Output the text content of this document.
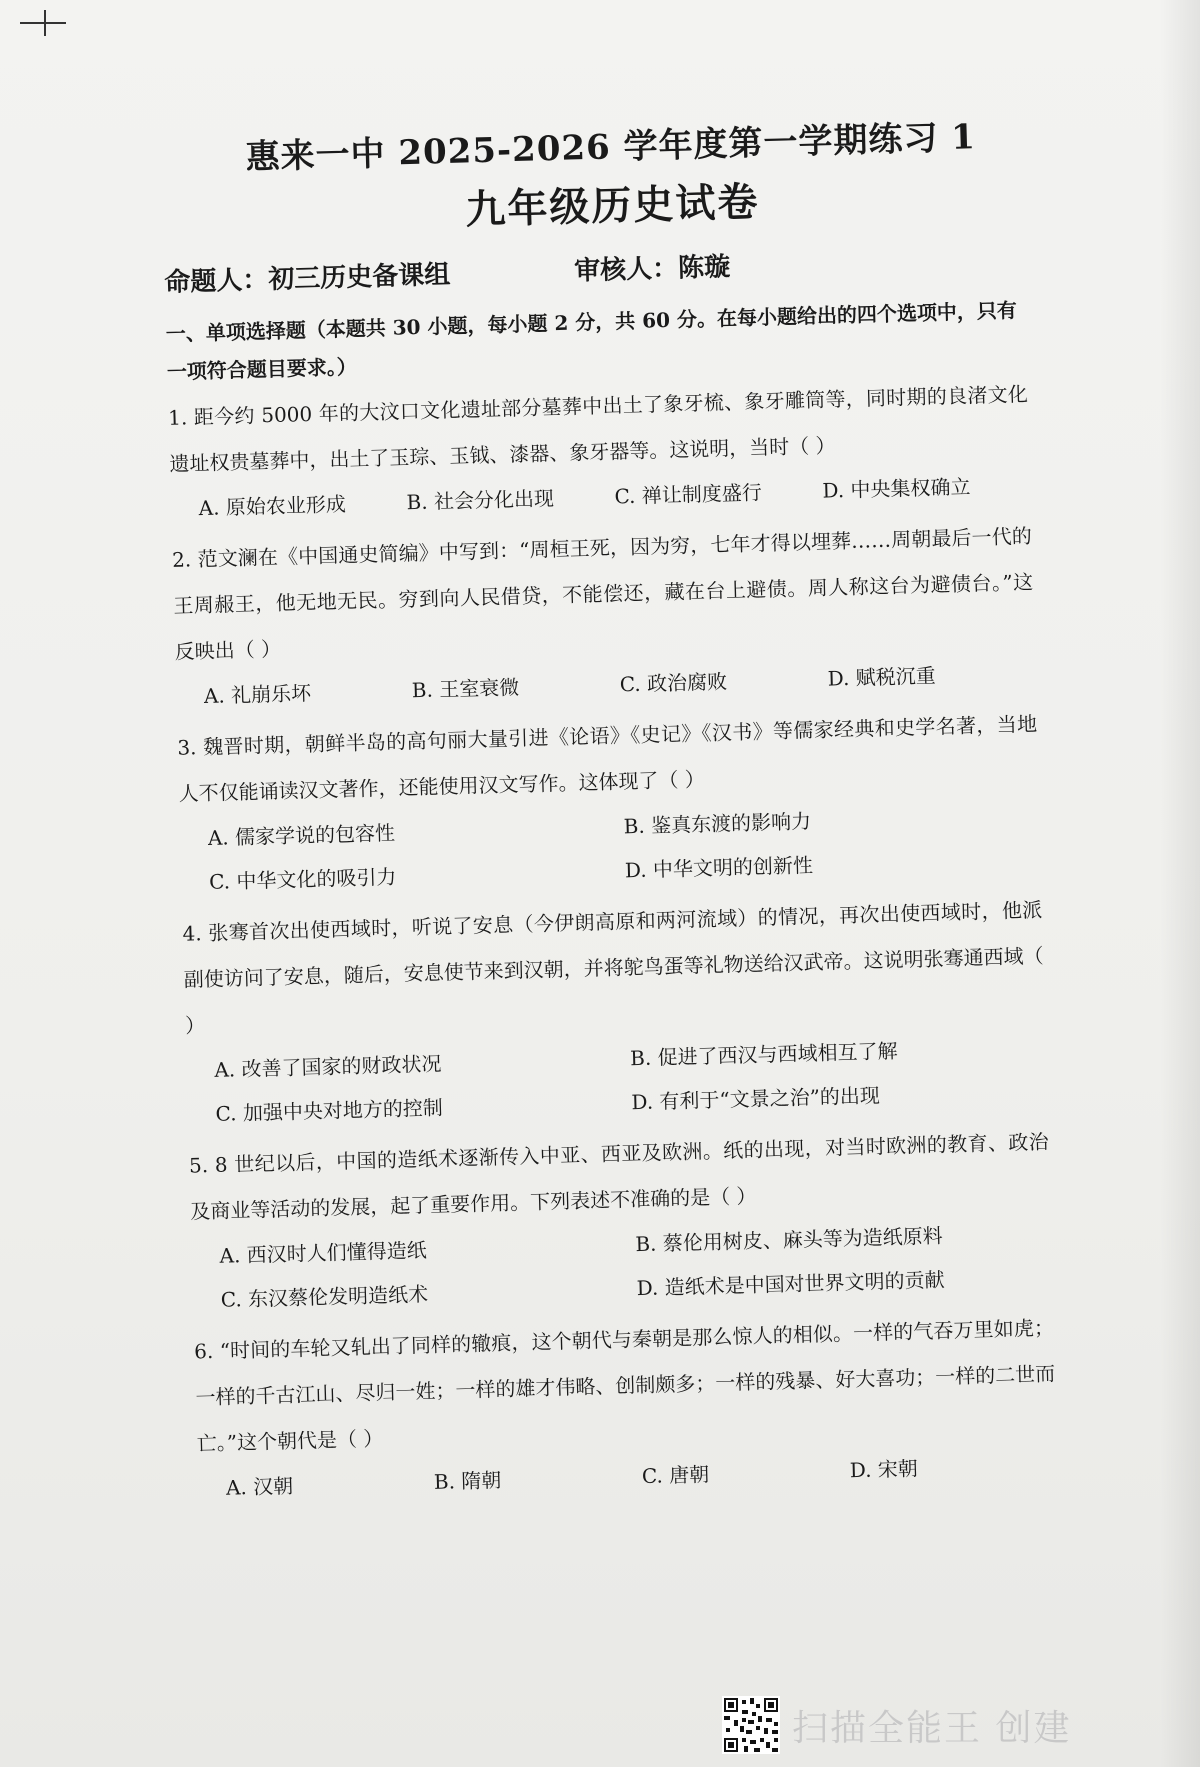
惠来一中 2025-2026 学年度第一学期练习 1
九年级历史试卷
命题人：初三历史备课组	审核人：陈璇
一、单项选择题（本题共 30 小题，每小题 2 分，共 60 分。在每小题给出的四个选项中，只有一项符合题目要求。）
1. 距今约 5000 年的大汶口文化遗址部分墓葬中出土了象牙梳、象牙雕筒等，同时期的良渚文化遗址权贵墓葬中，出土了玉琮、玉钺、漆器、象牙器等。这说明，当时（ ）
A. 原始农业形成	B. 社会分化出现	C. 禅让制度盛行	D. 中央集权确立
2. 范文澜在《中国通史简编》中写到：“周桓王死，因为穷，七年才得以埋葬……周朝最后一代的王周赧王，他无地无民。穷到向人民借贷，不能偿还，藏在台上避债。周人称这台为避债台。”这反映出（ ）
A. 礼崩乐坏	B. 王室衰微	C. 政治腐败	D. 赋税沉重
3. 魏晋时期，朝鲜半岛的高句丽大量引进《论语》《史记》《汉书》等儒家经典和史学名著，当地人不仅能诵读汉文著作，还能使用汉文写作。这体现了（ ）
A. 儒家学说的包容性	B. 鉴真东渡的影响力
C. 中华文化的吸引力	D. 中华文明的创新性
4. 张骞首次出使西域时，听说了安息（今伊朗高原和两河流域）的情况，再次出使西域时，他派副使访问了安息，随后，安息使节来到汉朝，并将鸵鸟蛋等礼物送给汉武帝。这说明张骞通西域（ ）
A. 改善了国家的财政状况	B. 促进了西汉与西域相互了解
C. 加强中央对地方的控制	D. 有利于“文景之治”的出现
5. 8 世纪以后，中国的造纸术逐渐传入中亚、西亚及欧洲。纸的出现，对当时欧洲的教育、政治及商业等活动的发展，起了重要作用。下列表述不准确的是（ ）
A. 西汉时人们懂得造纸	B. 蔡伦用树皮、麻头等为造纸原料
C. 东汉蔡伦发明造纸术	D. 造纸术是中国对世界文明的贡献
6. “时间的车轮又轧出了同样的辙痕，这个朝代与秦朝是那么惊人的相似。一样的气吞万里如虎；一样的千古江山、尽归一姓；一样的雄才伟略、创制颇多；一样的残暴、好大喜功；一样的二世而亡。”这个朝代是（ ）
A. 汉朝	B. 隋朝	C. 唐朝	D. 宋朝
扫描全能王 创建
